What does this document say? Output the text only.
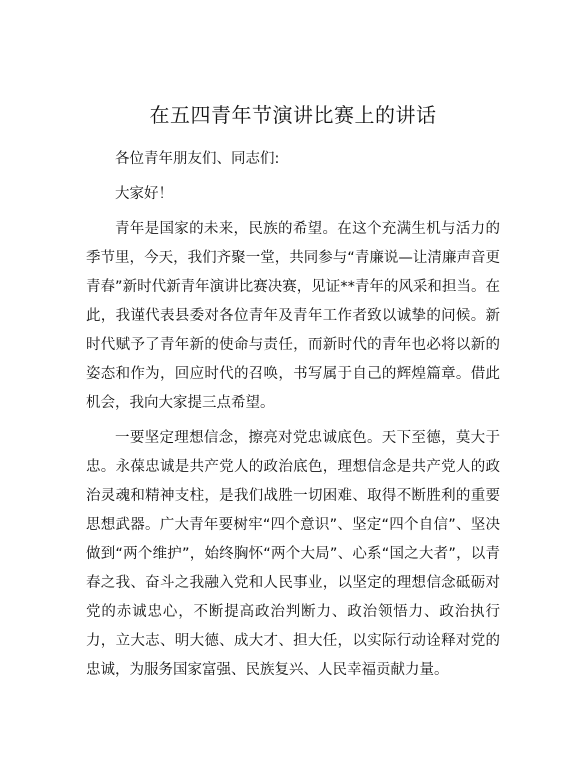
在五四青年节演讲比赛上的讲话

各位青年朋友们、同志们:

大家好！

青年是国家的未来，民族的希望。在这个充满生机与活力的季节里，今天，我们齐聚一堂，共同参与“青廉说—让清廉声音更青春”新时代新青年演讲比赛决赛，见证**青年的风采和担当。在此，我谨代表县委对各位青年及青年工作者致以诚挚的问候。新时代赋予了青年新的使命与责任，而新时代的青年也必将以新的姿态和作为，回应时代的召唤，书写属于自己的辉煌篇章。借此机会，我向大家提三点希望。

一要坚定理想信念，擦亮对党忠诚底色。天下至德，莫大于忠。永葆忠诚是共产党人的政治底色，理想信念是共产党人的政治灵魂和精神支柱，是我们战胜一切困难、取得不断胜利的重要思想武器。广大青年要树牢“四个意识”、坚定“四个自信”、坚决做到“两个维护”，始终胸怀“两个大局”、心系“国之大者”，以青春之我、奋斗之我融入党和人民事业，以坚定的理想信念砥砺对党的赤诚忠心，不断提高政治判断力、政治领悟力、政治执行力，立大志、明大德、成大才、担大任，以实际行动诠释对党的忠诚，为服务国家富强、民族复兴、人民幸福贡献力量。
